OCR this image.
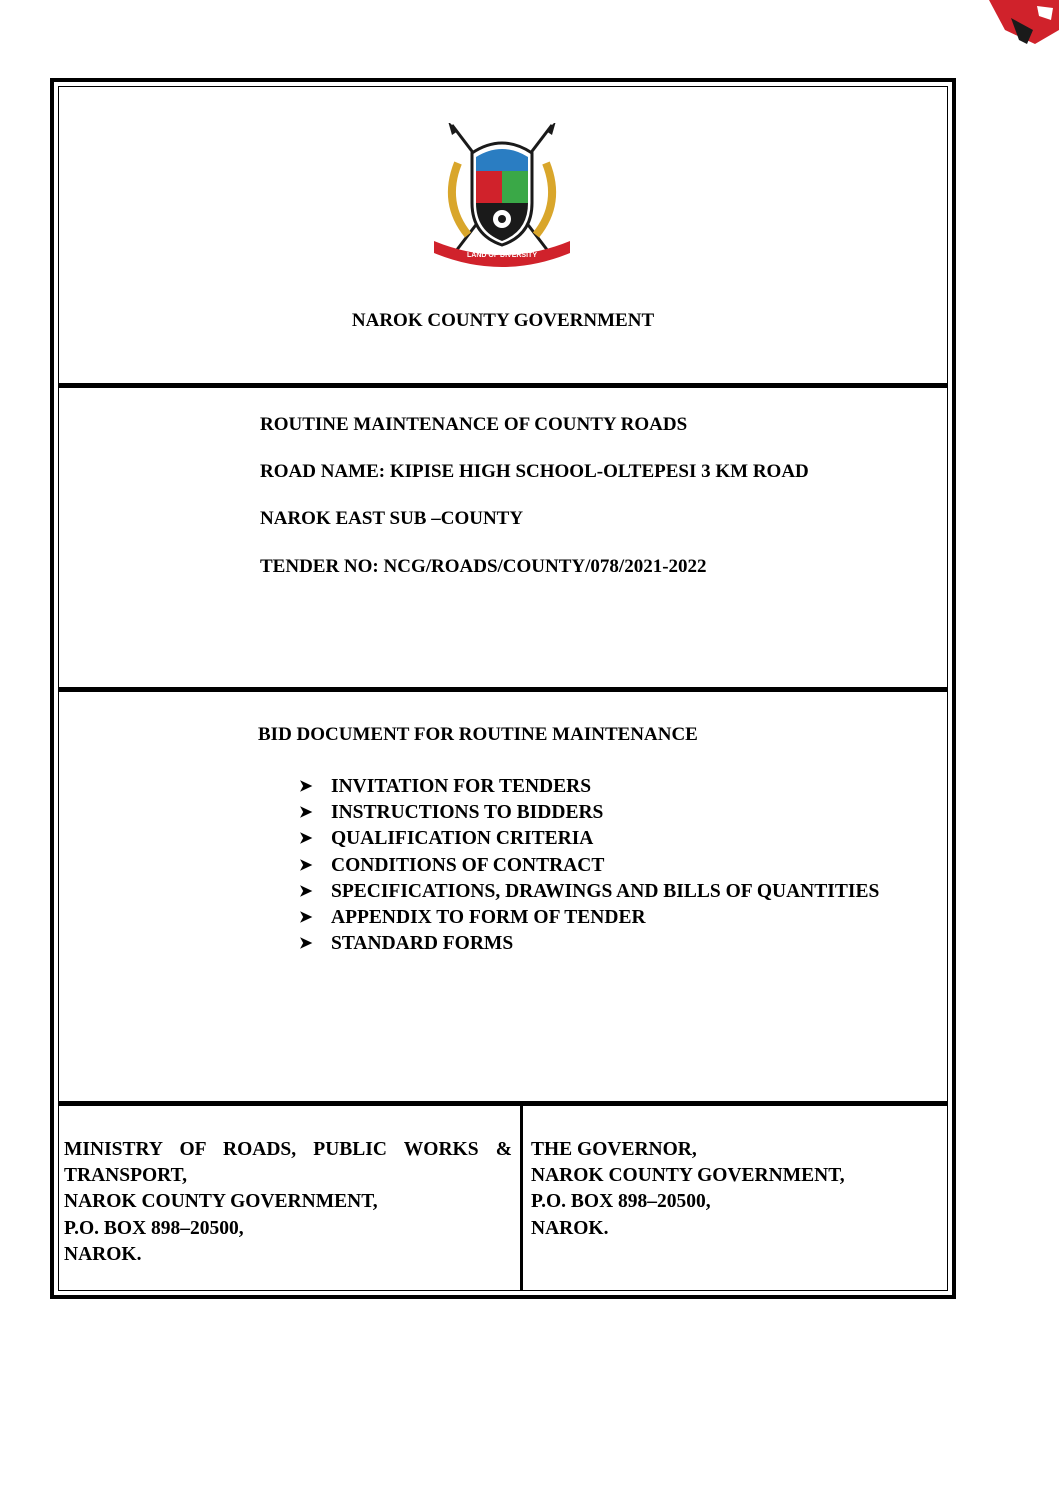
LAND OF DIVERSITY
NAROK COUNTY GOVERNMENT
ROUTINE MAINTENANCE OF COUNTY ROADS
ROAD NAME: KIPISE HIGH SCHOOL-OLTEPESI 3 KM ROAD
NAROK EAST SUB –COUNTY
TENDER NO: NCG/ROADS/COUNTY/078/2021-2022
BID DOCUMENT FOR ROUTINE MAINTENANCE
➤ INVITATION FOR TENDERS
➤ INSTRUCTIONS TO BIDDERS
➤ QUALIFICATION CRITERIA
➤ CONDITIONS OF CONTRACT
➤ SPECIFICATIONS, DRAWINGS AND BILLS OF QUANTITIES
➤ APPENDIX TO FORM OF TENDER
➤ STANDARD FORMS
MINISTRY OF ROADS, PUBLIC WORKS &
TRANSPORT,
NAROK COUNTY GOVERNMENT,
P.O. BOX 898–20500,
NAROK.
THE GOVERNOR,
NAROK COUNTY GOVERNMENT,
P.O. BOX 898–20500,
NAROK.
